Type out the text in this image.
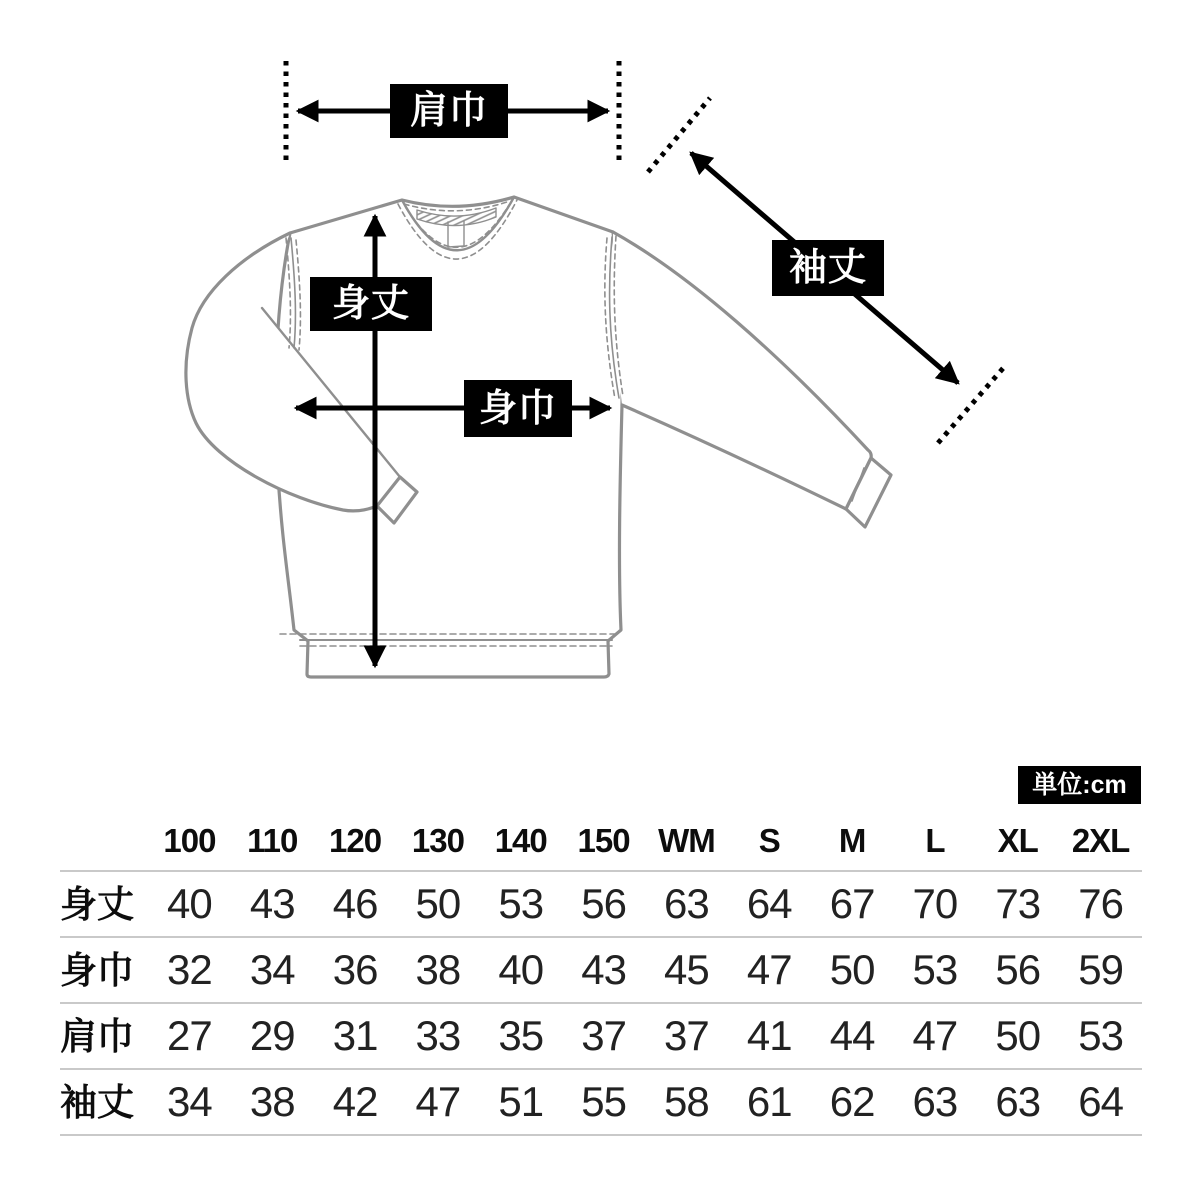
肩巾
袖丈
身丈
身巾
単位:cm
100 110 120 130 140 150 WM	S	M	L	XL	2XL
身丈 40 43 46 50 53 56 63 64 67 70 73 76
身巾 32 34 36 38 40 43 45 47 50 53 56 59
肩巾 27 29 31 33 35 37 37 41 44 47 50 53
袖丈 34 38 42 47 51 55 58 61 62 63 63 64
